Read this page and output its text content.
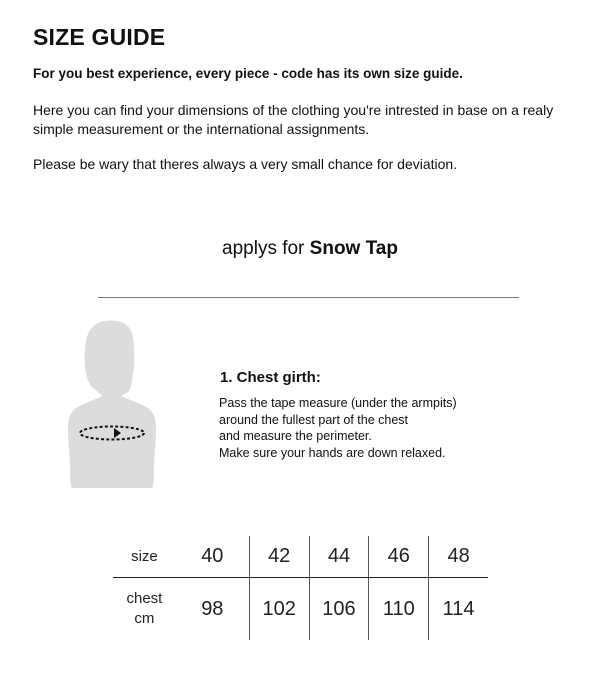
SIZE GUIDE

For you best experience, every piece - code has its own size guide.

Here you can find your dimensions of the clothing you're intrested in base on a realy simple measurement or the international assignments.

Please be wary that theres always a very small chance for deviation.

applys for Snow Tap
1. Chest girth:

Pass the tape measure (under the armpits)
around the fullest part of the chest
and measure the perimeter.
Make sure your hands are down relaxed.

size	40	42	44	46	48
chest
cm	98	102	106	110	114
